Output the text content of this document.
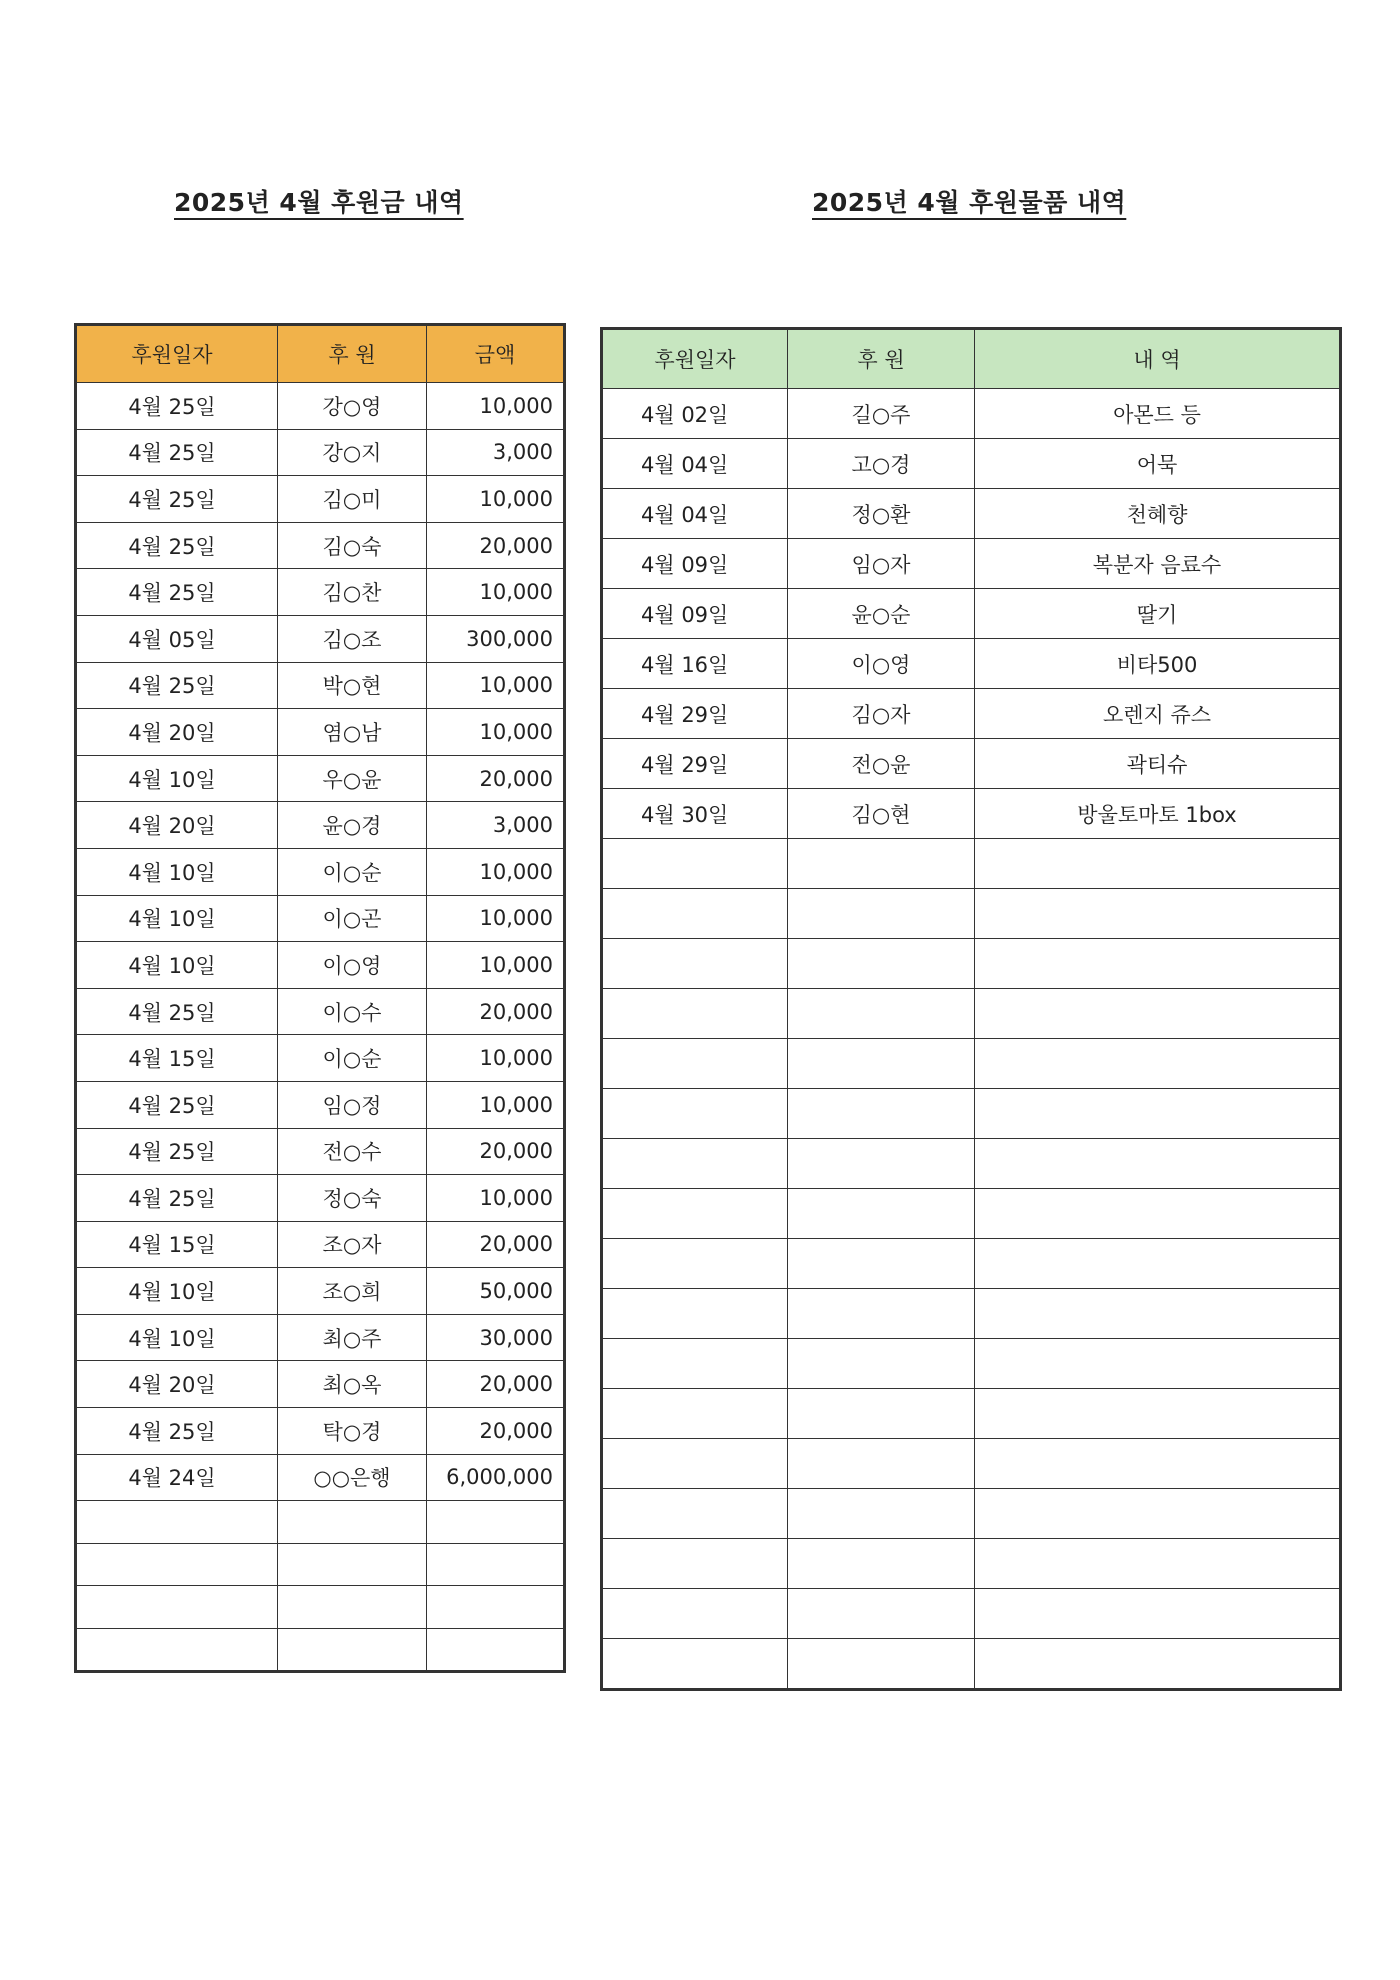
2025년 4월 후원금 내역	2025년 4월 후원물품 내역
후원일자	후 원	금액
4월 25일	강○영	10,000
4월 25일	강○지	3,000
4월 25일	김○미	10,000
4월 25일	김○숙	20,000
4월 25일	김○찬	10,000
4월 05일	김○조	300,000
4월 25일	박○현	10,000
4월 20일	염○남	10,000
4월 10일	우○윤	20,000
4월 20일	윤○경	3,000
4월 10일	이○순	10,000
4월 10일	이○곤	10,000
4월 10일	이○영	10,000
4월 25일	이○수	20,000
4월 15일	이○순	10,000
4월 25일	임○정	10,000
4월 25일	전○수	20,000
4월 25일	정○숙	10,000
4월 15일	조○자	20,000
4월 10일	조○희	50,000
4월 10일	최○주	30,000
4월 20일	최○옥	20,000
4월 25일	탁○경	20,000
4월 24일	○○은행	6,000,000

후원일자	후 원	내 역
4월 02일	길○주	아몬드 등
4월 04일	고○경	어묵
4월 04일	정○환	천혜향
4월 09일	임○자	복분자 음료수
4월 09일	윤○순	딸기
4월 16일	이○영	비타500
4월 29일	김○자	오렌지 쥬스
4월 29일	전○윤	곽티슈
4월 30일	김○현	방울토마토 1box
